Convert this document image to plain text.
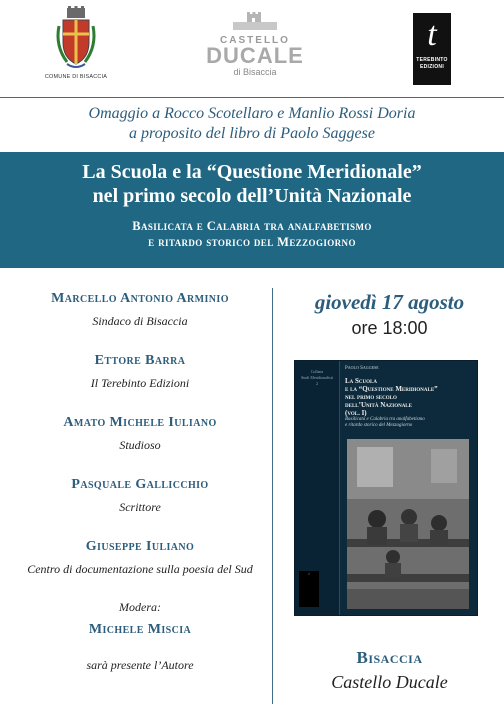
COMUNE DI BISACCIA
CASTELLO
DUCALE
di Bisaccia
t
TEREBINTO
EDIZIONI
Omaggio a Rocco Scotellaro e Manlio Rossi Doria
a proposito del libro di Paolo Saggese
La Scuola e la “Questione Meridionale”
nel primo secolo dell’Unità Nazionale
Basilicata e Calabria tra analfabetismo
e ritardo storico del Mezzogiorno
Marcello Antonio Arminio
Sindaco di Bisaccia
Ettore Barra
Il Terebinto Edizioni
Amato Michele Iuliano
Studioso
Pasquale Gallicchio
Scrittore
Giuseppe Iuliano
Centro di documentazione sulla poesia del Sud
Modera:
Michele Miscia
sarà presente l’Autore
giovedì 17 agosto
ore 18:00
Collana
Studi Meridionalisti
2
t
Paolo Saggese
La Scuola
e la “Questione Meridionale”
nel primo secolo
dell’Unità Nazionale
(vol. I)
Basilicata e Calabria tra analfabetismo
e ritardo storico del Mezzogiorno
Bisaccia
Castello Ducale
